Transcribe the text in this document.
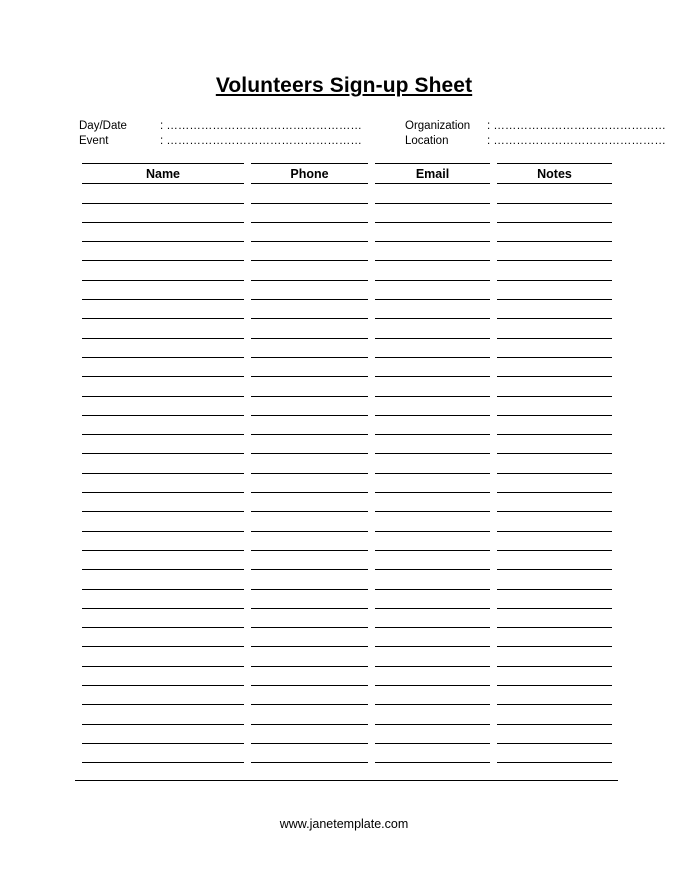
Volunteers Sign-up Sheet
Day/Date	: ……………………………………………
Event	: ……………………………………………
Organization : ………………………………………
Location	: ………………………………………
Name	Phone	Email	Notes
www.janetemplate.com
